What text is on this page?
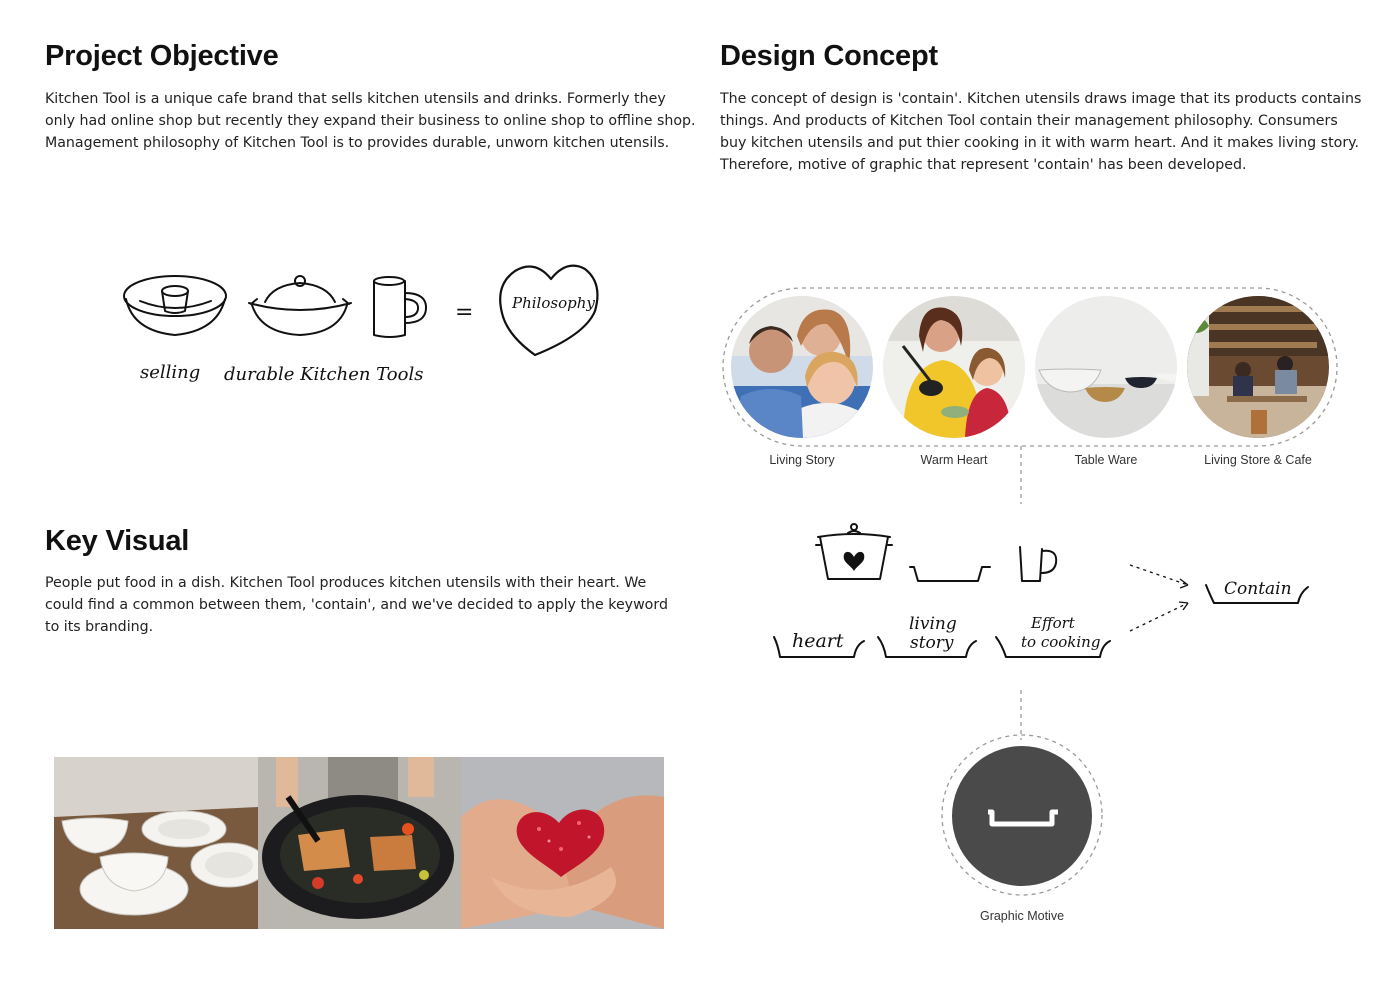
Project Objective
Kitchen Tool is a unique cafe brand that sells kitchen utensils and drinks. Formerly they
only had online shop but recently they expand their business to online shop to offline shop.
Management philosophy of Kitchen Tool is to provides durable, unworn kitchen utensils.
Design Concept
The concept of design is 'contain'. Kitchen utensils draws image that its products contains
things. And products of Kitchen Tool contain their management philosophy. Consumers
buy kitchen utensils and put thier cooking in it with warm heart. And it makes living story.
Therefore, motive of graphic that represent 'contain' has been developed.
Key Visual
People put food in a dish. Kitchen Tool produces kitchen utensils with their heart. We
could find a common between them, 'contain', and we've decided to apply the keyword
to its branding.
=	Philosophy
selling durable Kitchen Tools
Living Story	Warm Heart	Table Ware	Living Store & Cafe
heart
living
story
Effort
to cooking
Contain
Graphic Motive
